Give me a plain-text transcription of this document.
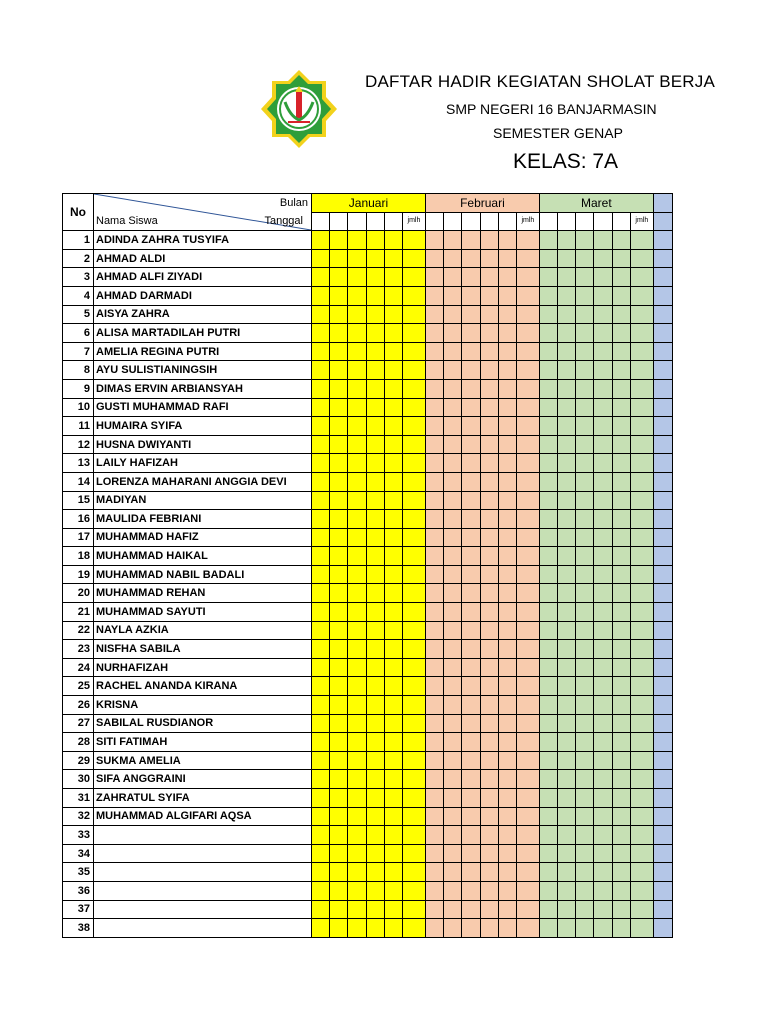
DAFTAR HADIR KEGIATAN SHOLAT BERJA
SMP NEGERI 16 BANJARMASIN
SEMESTER GENAP
KELAS: 7A
No	Bulan
Nama Siswa Tanggal	Januari						Februari						Maret						
							jmlh						jmlh						jmlh	
1	ADINDA ZAHRA TUSYIFA																			
2	AHMAD ALDI																			
3	AHMAD ALFI ZIYADI																			
4	AHMAD DARMADI																			
5	AISYA ZAHRA																			
6	ALISA MARTADILAH PUTRI																			
7	AMELIA REGINA PUTRI																			
8	AYU SULISTIANINGSIH																			
9	DIMAS ERVIN ARBIANSYAH																			
10	GUSTI MUHAMMAD RAFI																			
11	HUMAIRA SYIFA																			
12	HUSNA DWIYANTI																			
13	LAILY HAFIZAH																			
14	LORENZA MAHARANI ANGGIA DEVI																			
15	MADIYAN																			
16	MAULIDA FEBRIANI																			
17	MUHAMMAD HAFIZ																			
18	MUHAMMAD HAIKAL																			
19	MUHAMMAD NABIL BADALI																			
20	MUHAMMAD REHAN																			
21	MUHAMMAD SAYUTI																			
22	NAYLA AZKIA																			
23	NISFHA SABILA																			
24	NURHAFIZAH																			
25	RACHEL ANANDA KIRANA																			
26	KRISNA																			
27	SABILAL RUSDIANOR																			
28	SITI FATIMAH																			
29	SUKMA AMELIA																			
30	SIFA ANGGRAINI																			
31	ZAHRATUL SYIFA																			
32	MUHAMMAD ALGIFARI AQSA																			
33																				
34																				
35																				
36																				
37																				
38																				
